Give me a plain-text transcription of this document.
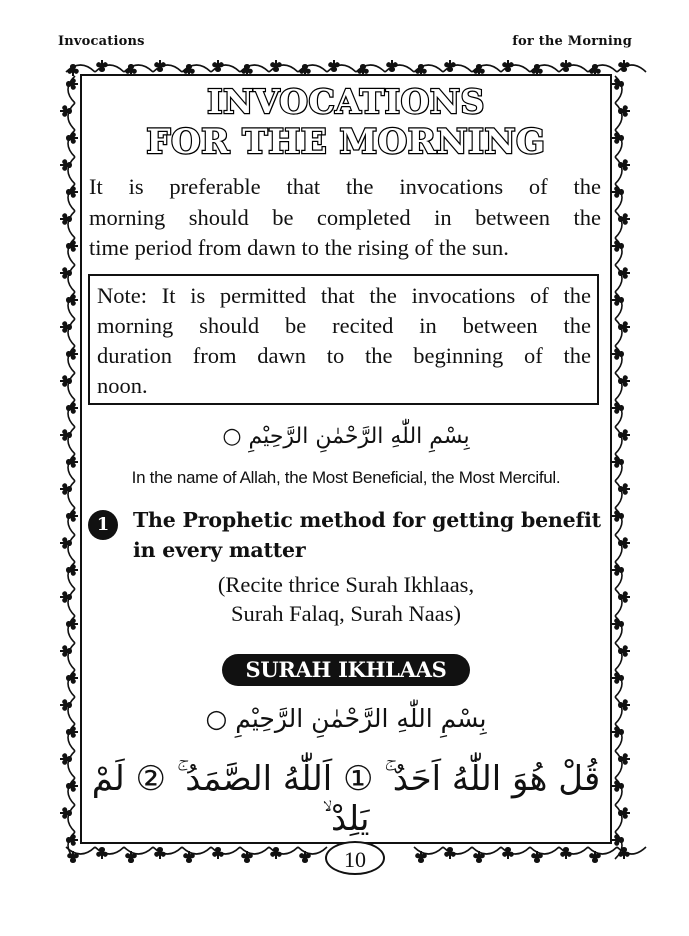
Invocations	for the Morning
INVOCATIONS
FOR THE MORNING
It is preferable that the invocations of the
morning should be completed in between the
time period from dawn to the rising of the sun.
Note: It is permitted that the invocations of the
morning should be recited in between the
duration from dawn to the beginning of the
noon.
بِسْمِ اللّٰهِ الرَّحْمٰنِ الرَّحِيْمِ ○
In the name of Allah, the Most Beneficial, the Most Merciful.
1	The Prophetic method for getting benefit
in every matter
(Recite thrice Surah Ikhlaas,
Surah Falaq, Surah Naas)
SURAH IKHLAAS
بِسْمِ اللّٰهِ الرَّحْمٰنِ الرَّحِيْمِ ○
قُلْ هُوَ اللّٰهُ اَحَدٌ ۚ ① اَللّٰهُ الصَّمَدُ ۚ ② لَمْ يَلِدْ ۙ
10
